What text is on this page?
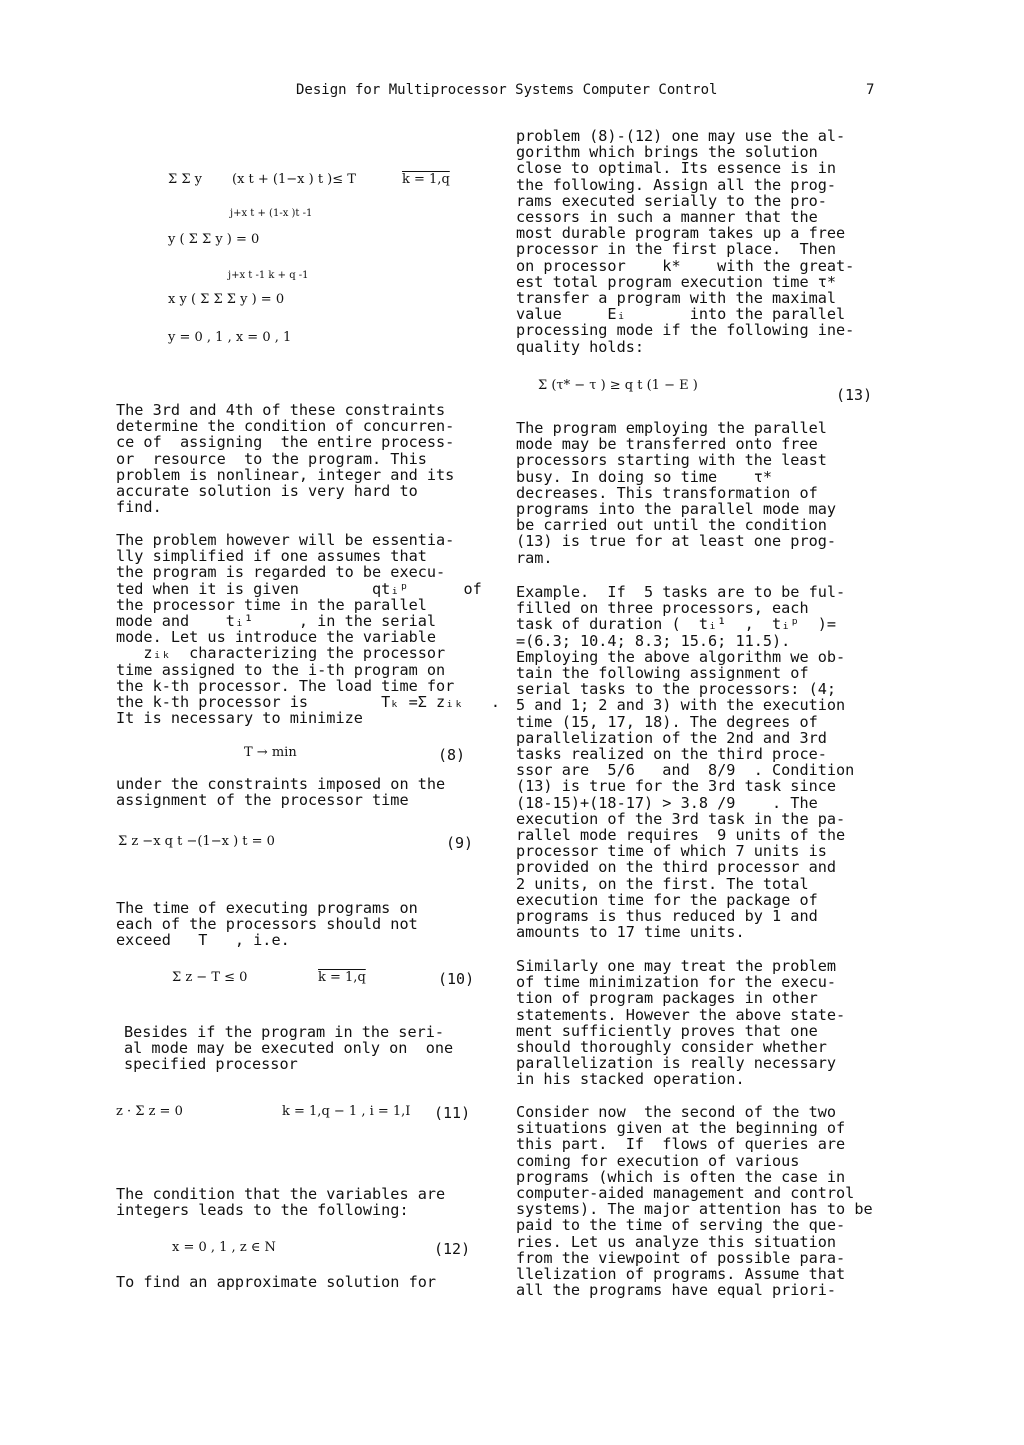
Design for Multiprocessor Systems Computer Control	7
Σ Σ y (x t + (1−x ) t )≤ T	k = 1,q
j+x t + (1-x )t -1
y ( Σ Σ y ) = 0
j+x t -1 k + q -1
x y ( Σ Σ Σ y ) = 0
y = 0 , 1 , x = 0 , 1
The 3rd and 4th of these constraints
determine the condition of concurren-
ce of  assigning  the entire process-
or  resource  to the program. This
problem is nonlinear, integer and its
accurate solution is very hard to
find.
The problem however will be essentia-
lly simplified if one assumes that
the program is regarded to be execu-
ted when it is given        qtᵢᵖ      of
the processor time in the parallel
mode and    tᵢ¹     , in the serial
mode. Let us introduce the variable
zᵢₖ  characterizing the processor
time assigned to the i-th program on
the k-th processor. The load time for
the k-th processor is        Tₖ =Σ zᵢₖ   .
It is necessary to minimize
T → min	(8)
under the constraints imposed on the
assignment of the processor time
Σ z −x q t −(1−x ) t = 0	(9)
The time of executing programs on
each of the processors should not
exceed   T   , i.e.
Σ z − T ≤ 0	k = 1,q	(10)
Besides if the program in the seri-
al mode may be executed only on  one
specified processor
z · Σ z = 0	k = 1,q − 1 , i = 1,I (11)
The condition that the variables are
integers leads to the following:
x = 0 , 1 , z ∈ N	(12)
To find an approximate solution for
problem (8)-(12) one may use the al-
gorithm which brings the solution
close to optimal. Its essence is in
the following. Assign all the prog-
rams executed serially to the pro-
cessors in such a manner that the
most durable program takes up a free
processor in the first place.  Then
on processor    k*    with the great-
est total program execution time τ*
transfer a program with the maximal
value     Eᵢ       into the parallel
processing mode if the following ine-
quality holds:
Σ (τ* − τ ) ≥ q t (1 − E )
(13)
The program employing the parallel
mode may be transferred onto free
processors starting with the least
busy. In doing so time    τ*
decreases. This transformation of
programs into the parallel mode may
be carried out until the condition
(13) is true for at least one prog-
ram.
Example.  If  5 tasks are to be ful-
filled on three processors, each
task of duration (  tᵢ¹  ,  tᵢᵖ  )=
=(6.3; 10.4; 8.3; 15.6; 11.5).
Employing the above algorithm we ob-
tain the following assignment of
serial tasks to the processors: (4;
5 and 1; 2 and 3) with the execution
time (15, 17, 18). The degrees of
parallelization of the 2nd and 3rd
tasks realized on the third proce-
ssor are  5/6   and  8/9  . Condition
(13) is true for the 3rd task since
(18-15)+(18-17) > 3.8 /9    . The
execution of the 3rd task in the pa-
rallel mode requires  9 units of the
processor time of which 7 units is
provided on the third processor and
2 units, on the first. The total
execution time for the package of
programs is thus reduced by 1 and
amounts to 17 time units.
Similarly one may treat the problem
of time minimization for the execu-
tion of program packages in other
statements. However the above state-
ment sufficiently proves that one
should thoroughly consider whether
parallelization is really necessary
in his stacked operation.
Consider now  the second of the two
situations given at the beginning of
this part.  If  flows of queries are
coming for execution of various
programs (which is often the case in
computer-aided management and control
systems). The major attention has to be
paid to the time of serving the que-
ries. Let us analyze this situation
from the viewpoint of possible para-
llelization of programs. Assume that
all the programs have equal priori-
